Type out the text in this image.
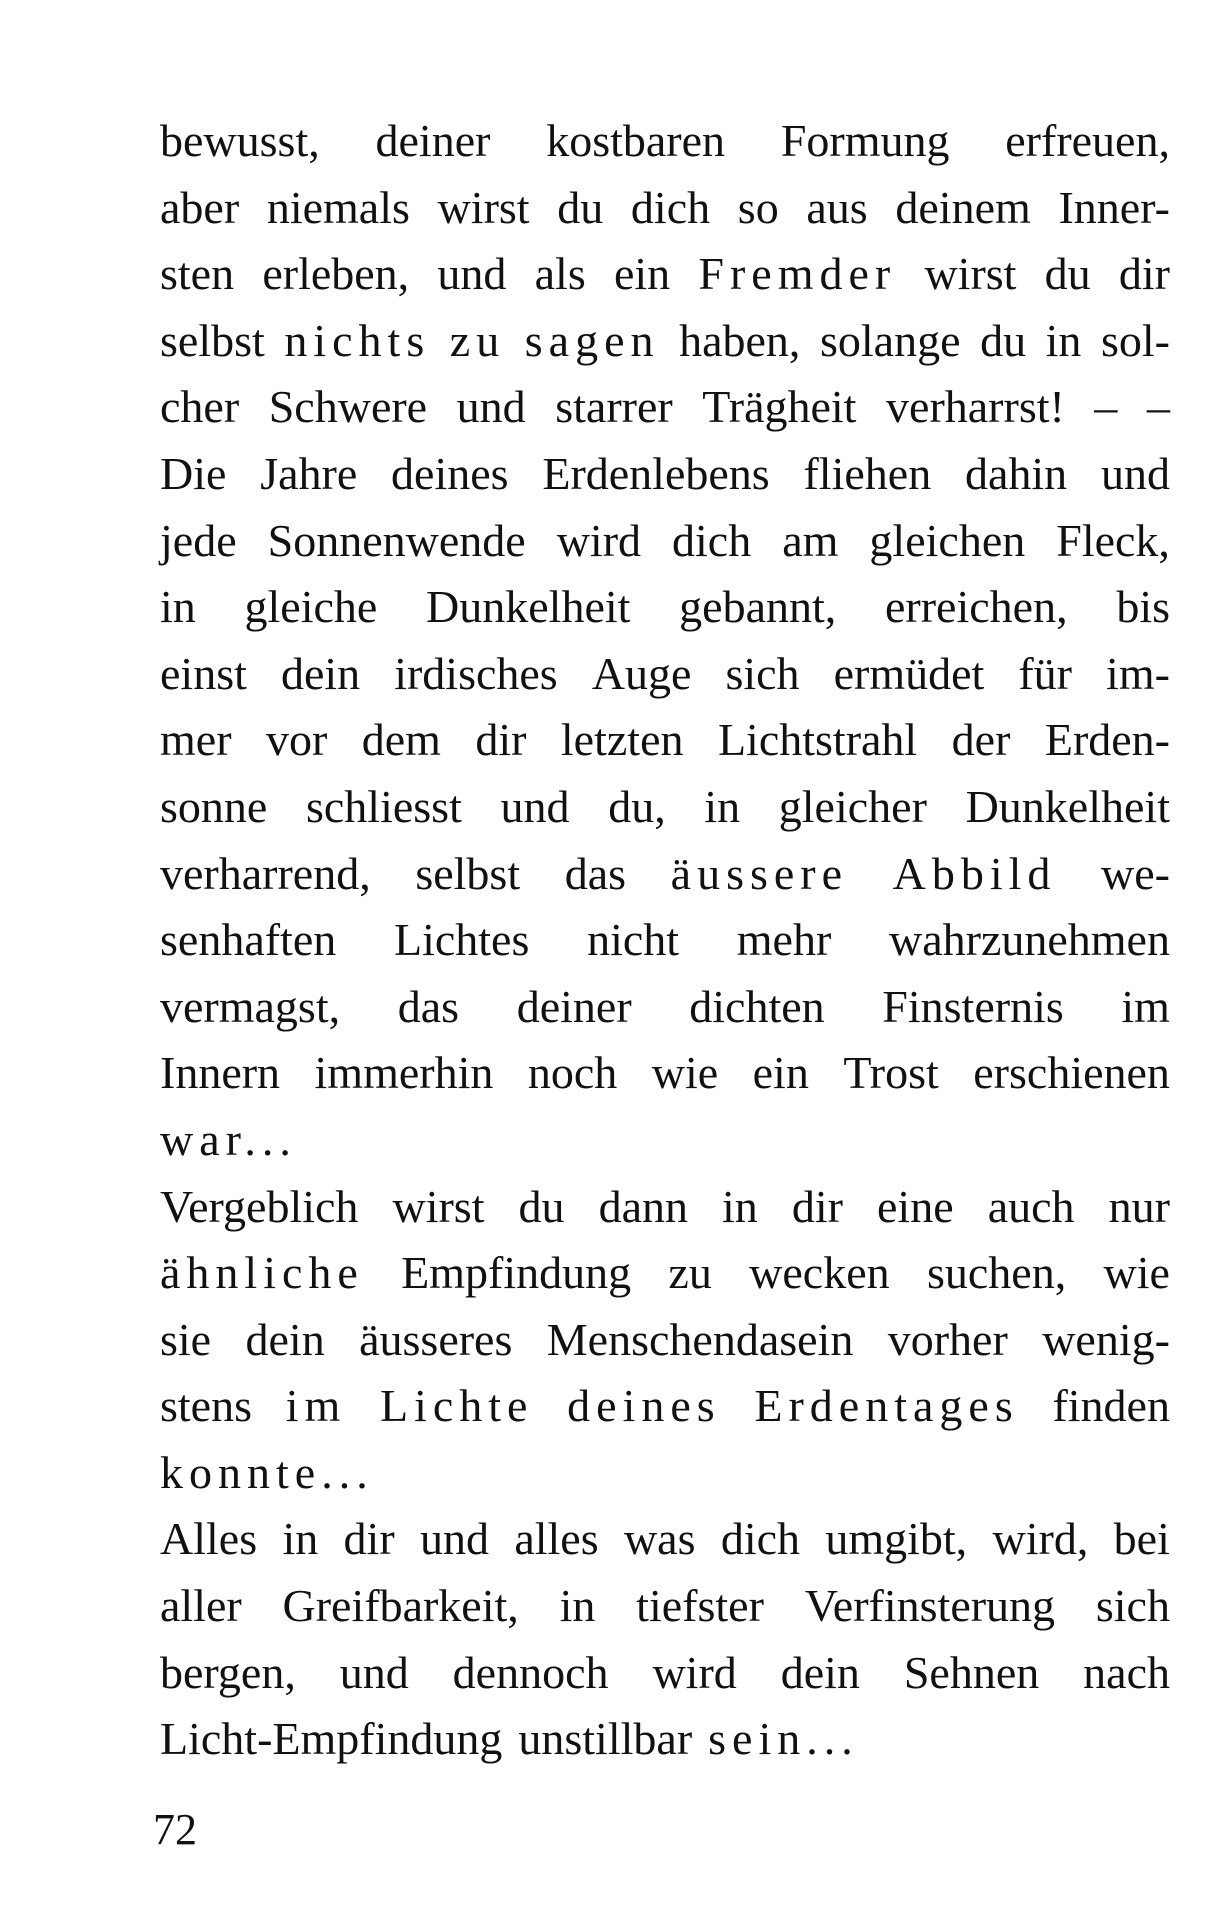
bewusst, deiner kostbaren Formung erfreuen,
aber niemals wirst du dich so aus deinem Inner-
sten erleben, und als ein Fremder wirst du dir
selbst nichts zu sagen haben, solange du in sol-
cher Schwere und starrer Trägheit verharrst! – –
Die Jahre deines Erdenlebens fliehen dahin und
jede Sonnenwende wird dich am gleichen Fleck,
in gleiche Dunkelheit gebannt, erreichen, bis
einst dein irdisches Auge sich ermüdet für im-
mer vor dem dir letzten Lichtstrahl der Erden-
sonne schliesst und du, in gleicher Dunkelheit
verharrend, selbst das äussere Abbild we-
senhaften Lichtes nicht mehr wahrzunehmen
vermagst, das deiner dichten Finsternis im
Innern immerhin noch wie ein Trost erschienen
war...
Vergeblich wirst du dann in dir eine auch nur
ähnliche Empfindung zu wecken suchen, wie
sie dein äusseres Menschendasein vorher wenig-
stens im Lichte deines Erdentages finden
konnte...
Alles in dir und alles was dich umgibt, wird, bei
aller Greifbarkeit, in tiefster Verfinsterung sich
bergen, und dennoch wird dein Sehnen nach
Licht-Empfindung unstillbar sein...
72
